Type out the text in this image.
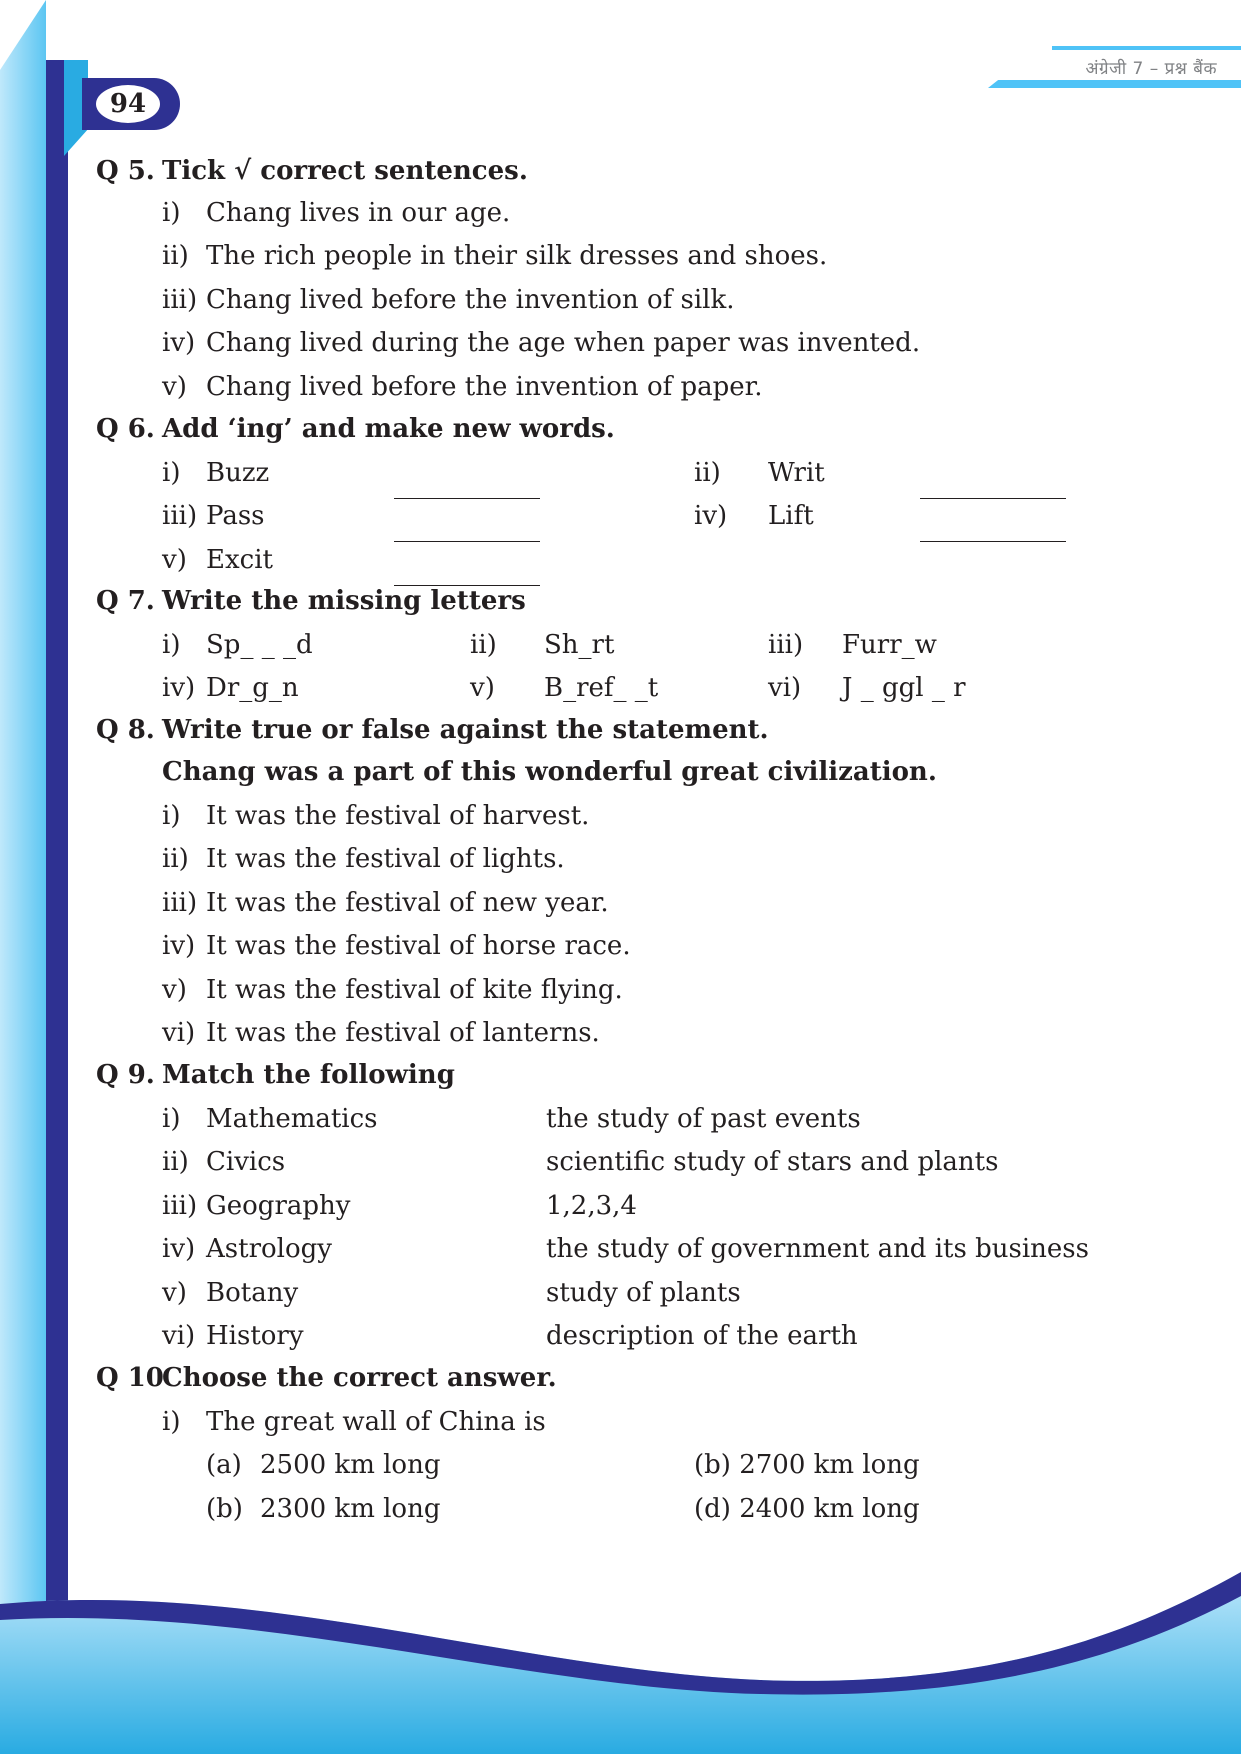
94
अंग्रेजी 7 – प्रश्न बैंक
Q 5. Tick √ correct sentences.
i) Chang lives in our age.
ii) The rich people in their silk dresses and shoes.
iii) Chang lived before the invention of silk.
iv) Chang lived during the age when paper was invented.
v) Chang lived before the invention of paper.
Q 6. Add ‘ing’ and make new words.
i) Buzz	ii) Writ
iii) Pass	iv) Lift
v) Excit
Q 7. Write the missing letters
i) Sp_ _ _d	ii) Sh_rt	iii) Furr_w
iv) Dr_g_n	v) B_ref_ _t	vi) J _ ggl _ r
Q 8. Write true or false against the statement.
Chang was a part of this wonderful great civilization.
i) It was the festival of harvest.
ii) It was the festival of lights.
iii) It was the festival of new year.
iv) It was the festival of horse race.
v) It was the festival of kite flying.
vi) It was the festival of lanterns.
Q 9. Match the following
i) Mathematics	the study of past events
ii) Civics	scientific study of stars and plants
iii) Geography	1,2,3,4
iv) Astrology	the study of government and its business
v) Botany	study of plants
vi) History	description of the earth
Q 10Choose the correct answer.
i) The great wall of China is
(a) 2500 km long	(b) 2700 km long
(b) 2300 km long	(d) 2400 km long
